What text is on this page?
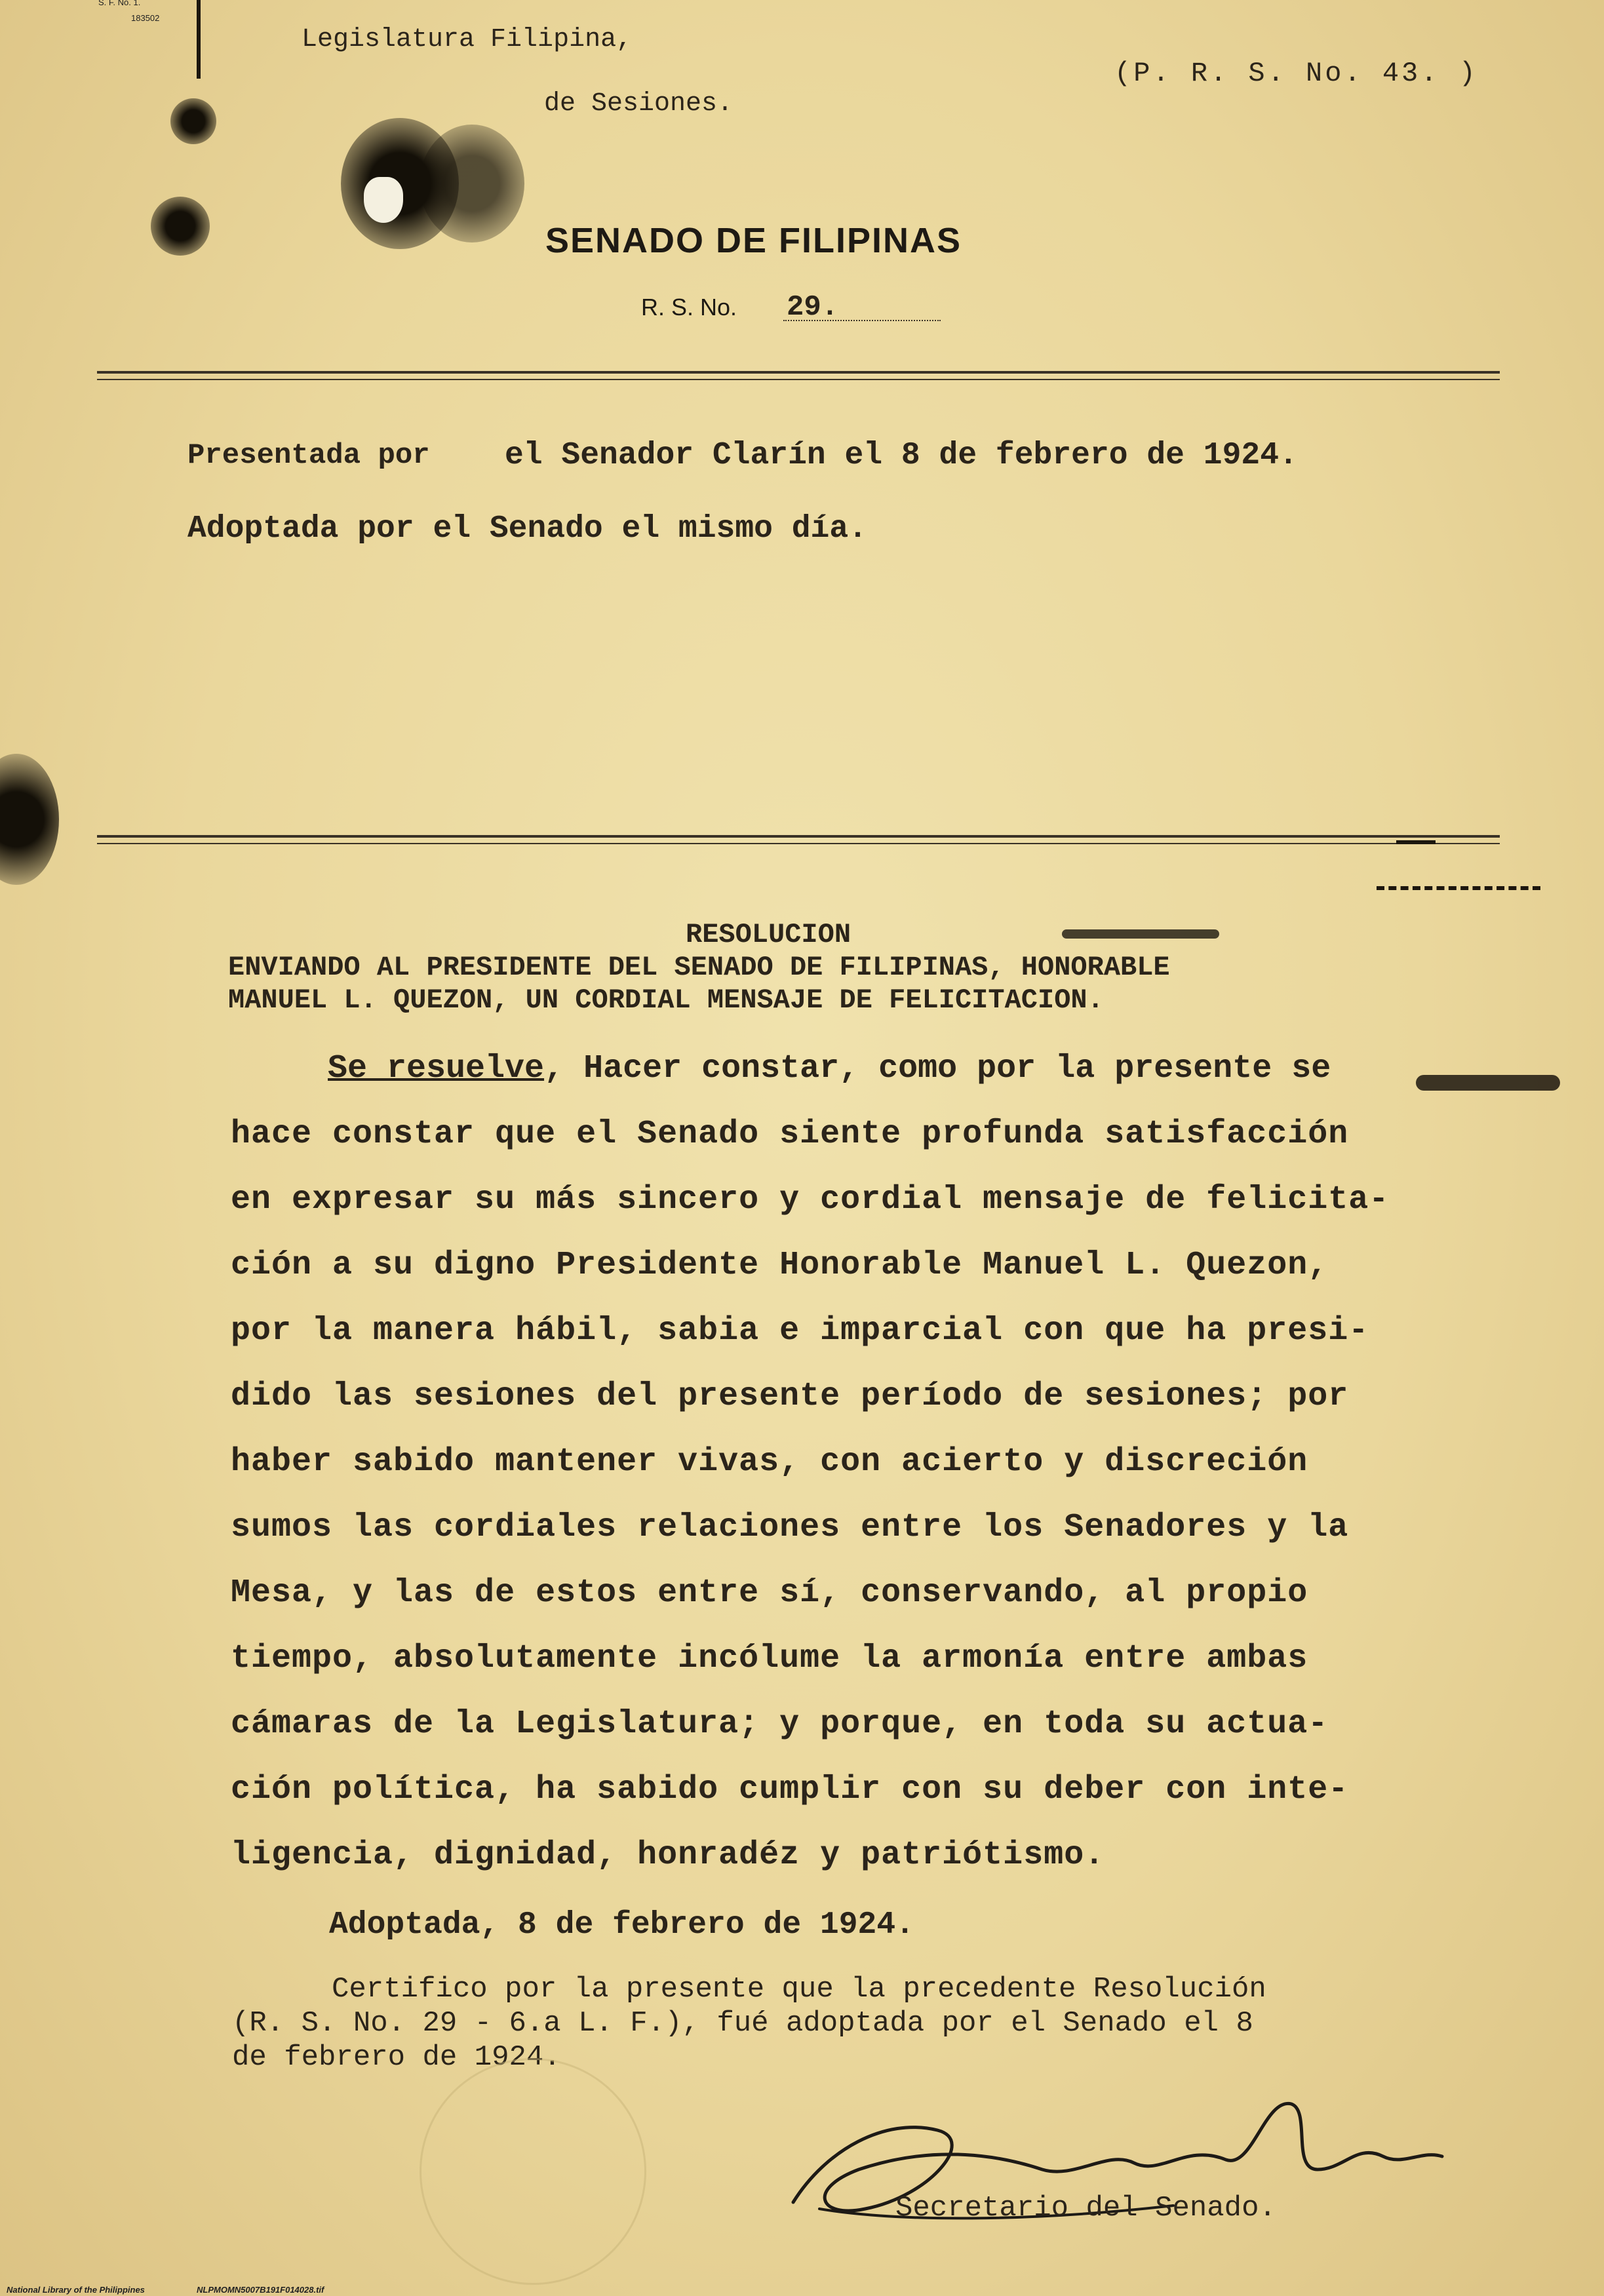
S. F. No. 1.
183502
Legislatura Filipina,
de Sesiones.
(P. R. S. No. 43. )
SENADO DE FILIPINAS
R. S. No. 29.
Presentada por el Senador Clarín el 8 de febrero de 1924.
Adoptada por el Senado el mismo día.
RESOLUCION
ENVIANDO AL PRESIDENTE DEL SENADO DE FILIPINAS, HONORABLE
MANUEL L. QUEZON, UN CORDIAL MENSAJE DE FELICITACION.
Se resuelve, Hacer constar, como por la presente se
hace constar que el Senado siente profunda satisfacción
en expresar su más sincero y cordial mensaje de felicita-
ción a su digno Presidente Honorable Manuel L. Quezon,
por la manera hábil, sabia e imparcial con que ha presi-
dido las sesiones del presente período de sesiones; por
haber sabido mantener vivas, con acierto y discreción
sumos las cordiales relaciones entre los Senadores y la
Mesa, y las de estos entre sí, conservando, al propio
tiempo, absolutamente incólume la armonía entre ambas
cámaras de la Legislatura; y porque, en toda su actua-
ción política, ha sabido cumplir con su deber con inte-
ligencia, dignidad, honradéz y patriótismo.
Adoptada, 8 de febrero de 1924.
Certifico por la presente que la precedente Resolución
(R. S. No. 29 - 6.a L. F.), fué adoptada por el Senado el 8
de febrero de 1924.
Secretario del Senado.
National Library of the Philippines	NLPMOMN5007B191F014028.tif
